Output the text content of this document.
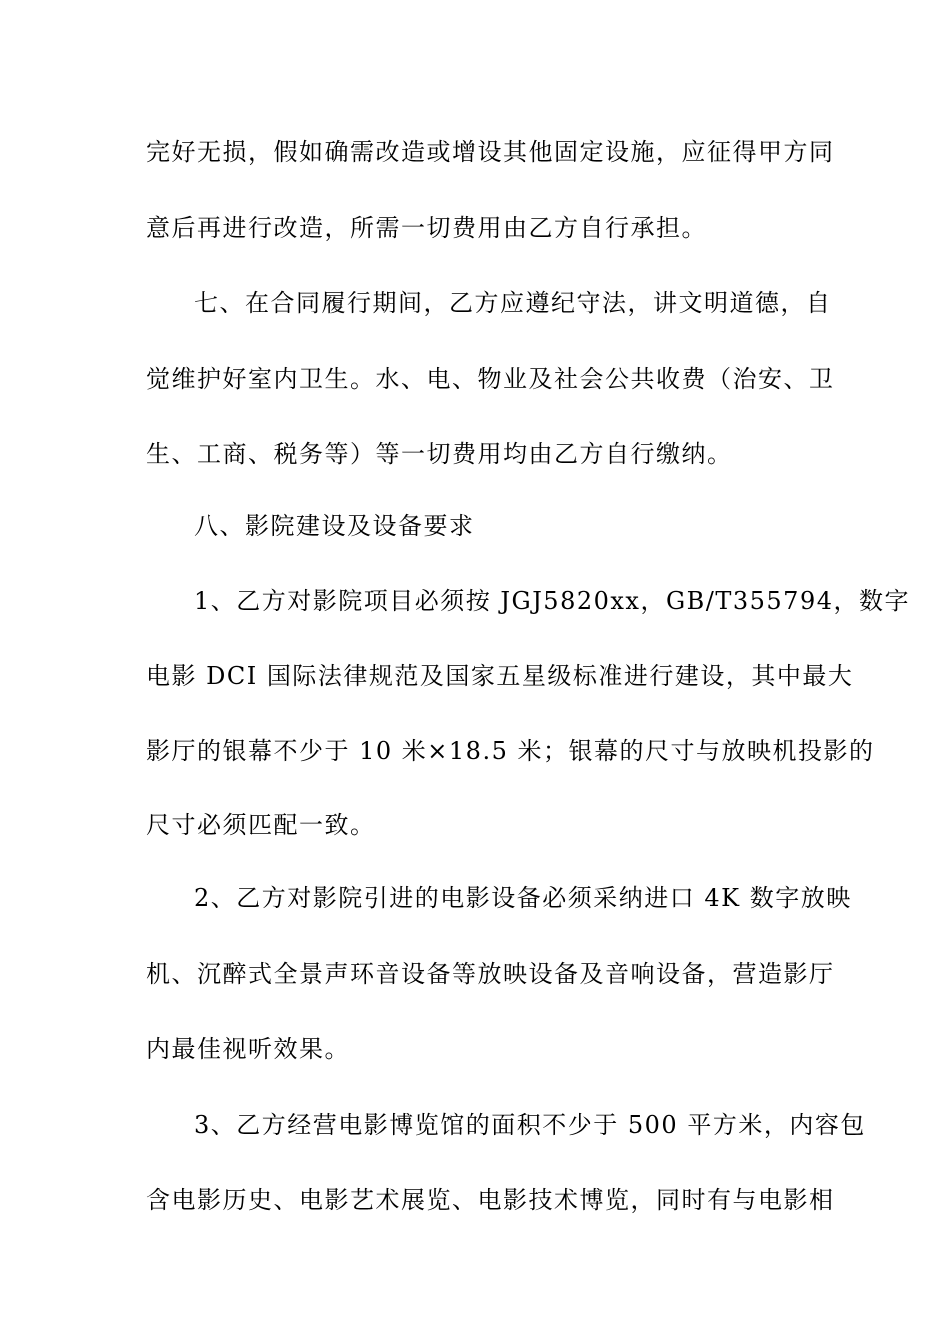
完好无损，假如确需改造或增设其他固定设施，应征得甲方同
意后再进行改造，所需一切费用由乙方自行承担。
七、在合同履行期间，乙方应遵纪守法，讲文明道德，自
觉维护好室内卫生。水、电、物业及社会公共收费（治安、卫
生、工商、税务等）等一切费用均由乙方自行缴纳。
八、影院建设及设备要求
1、乙方对影院项目必须按 JGJ5820xx，GB/T355794，数字
电影 DCI 国际法律规范及国家五星级标准进行建设，其中最大
影厅的银幕不少于 10 米×18.5 米；银幕的尺寸与放映机投影的
尺寸必须匹配一致。
2、乙方对影院引进的电影设备必须采纳进口 4K 数字放映
机、沉醉式全景声环音设备等放映设备及音响设备，营造影厅
内最佳视听效果。
3、乙方经营电影博览馆的面积不少于 500 平方米，内容包
含电影历史、电影艺术展览、电影技术博览，同时有与电影相
